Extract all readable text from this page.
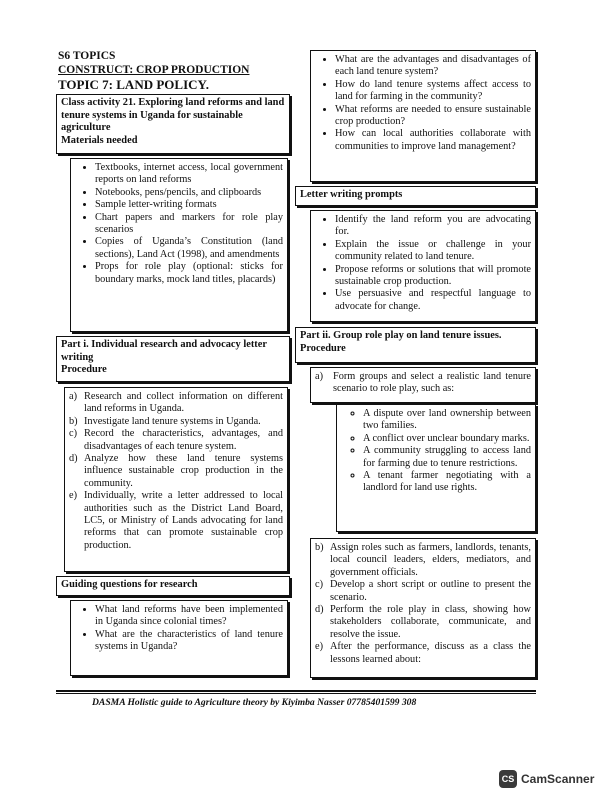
S6 TOPICS
CONSTRUCT: CROP PRODUCTION
TOPIC 7: LAND POLICY.
Class activity 21. Exploring land reforms and land tenure systems in Uganda for sustainable agriculture
Materials needed
• Textbooks, internet access, local government reports on land reforms
• Notebooks, pens/pencils, and clipboards
• Sample letter-writing formats
• Chart papers and markers for role play scenarios
• Copies of Uganda’s Constitution (land sections), Land Act (1998), and amendments
• Props for role play (optional: sticks for boundary marks, mock land titles, placards)
Part i. Individual research and advocacy letter writing
Procedure
a) Research and collect information on different land reforms in Uganda.
b) Investigate land tenure systems in Uganda.
c) Record the characteristics, advantages, and disadvantages of each tenure system.
d) Analyze how these land tenure systems influence sustainable crop production in the community.
e) Individually, write a letter addressed to local authorities such as the District Land Board, LC5, or Ministry of Lands advocating for land reforms that can promote sustainable crop production.
Guiding questions for research
• What land reforms have been implemented in Uganda since colonial times?
• What are the characteristics of land tenure systems in Uganda?
• What are the advantages and disadvantages of each land tenure system?
• How do land tenure systems affect access to land for farming in the community?
• What reforms are needed to ensure sustainable crop production?
• How can local authorities collaborate with communities to improve land management?
Letter writing prompts
• Identify the land reform you are advocating for.
• Explain the issue or challenge in your community related to land tenure.
• Propose reforms or solutions that will promote sustainable crop production.
• Use persuasive and respectful language to advocate for change.
Part ii. Group role play on land tenure issues.
Procedure
a) Form groups and select a realistic land tenure scenario to role play, such as:
◦ A dispute over land ownership between two families.
◦ A conflict over unclear boundary marks.
◦ A community struggling to access land for farming due to tenure restrictions.
◦ A tenant farmer negotiating with a landlord for land use rights.
b) Assign roles such as farmers, landlords, tenants, local council leaders, elders, mediators, and government officials.
c) Develop a short script or outline to present the scenario.
d) Perform the role play in class, showing how stakeholders collaborate, communicate, and resolve the issue.
e) After the performance, discuss as a class the lessons learned about:
DASMA Holistic guide to Agriculture theory by Kiyimba Nasser 07785401599 308
CS CamScanner
